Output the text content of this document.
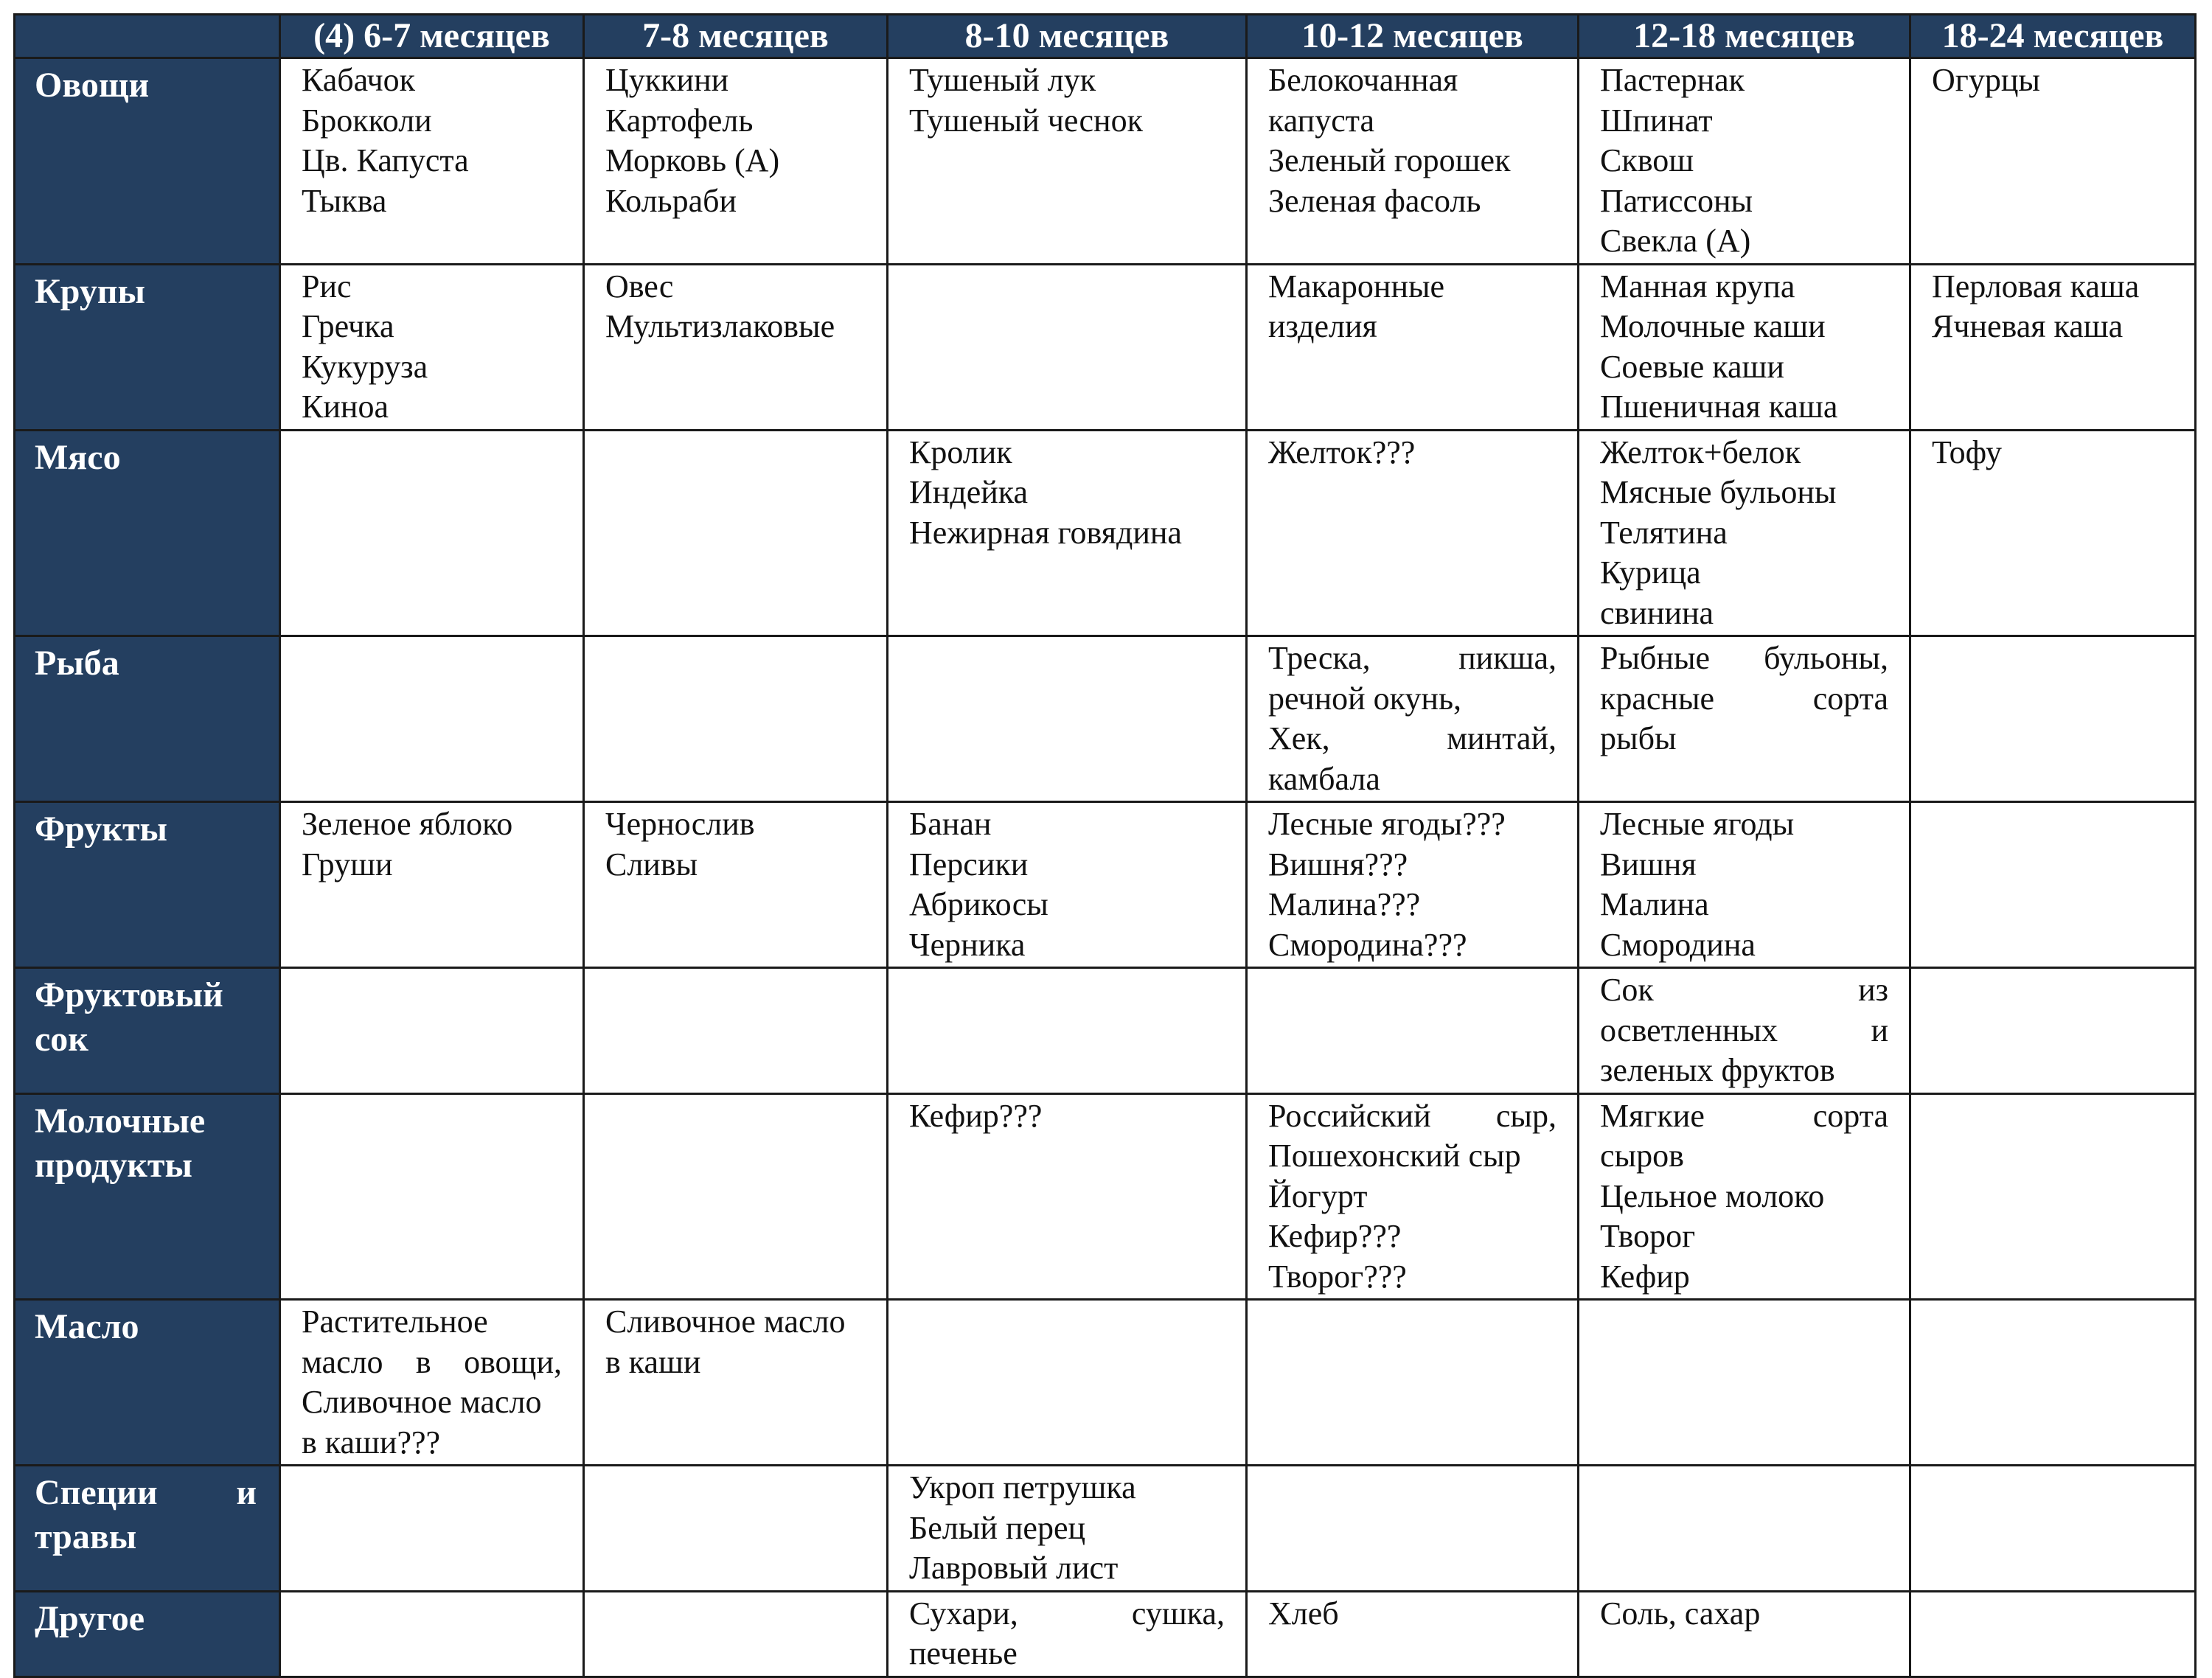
	(4) 6-7 месяцев	7-8 месяцев	8-10 месяцев	10-12 месяцев	12-18 месяцев	18-24 месяцев
Овощи	Кабачок
Брокколи
Цв. Капуста
Тыква	Цуккини
Картофель
Морковь (А)
Кольраби	Тушеный лук
Тушеный чеснок	Белокочанная
капуста
Зеленый горошек
Зеленая фасоль	Пастернак
Шпинат
Сквош
Патиссоны
Свекла (А)	Огурцы

Крупы	Рис
Гречка
Кукуруза
Киноа	Овес
Мультизлаковые		Макаронные
изделия	Манная крупа
Молочные каши
Соевые каши
Пшеничная каша	Перловая каша
Ячневая каша

Мясо			Кролик
Индейка
Нежирная говядина	Желток???	Желток+белок
Мясные бульоны
Телятина
Курица
свинина	Тофу

Рыба				Треска, пикша,
речной окунь,
Хек, минтай,
камбала	Рыбные бульоны,
красные сорта
рыбы	

Фрукты	Зеленое яблоко
Груши	Чернослив
Сливы	Банан
Персики
Абрикосы
Черника	Лесные ягоды???
Вишня???
Малина???
Смородина???	Лесные ягоды
Вишня
Малина
Смородина	

Фруктовый
сок					Сок из
осветленных и
зеленых фруктов	

Молочные
продукты			Кефир???	Российский сыр,
Пошехонский сыр
Йогурт
Кефир???
Творог???	Мягкие сорта
сыров
Цельное молоко
Творог
Кефир	

Масло	Растительное
масло в овощи,
Сливочное масло
в каши???	Сливочное масло
в каши				

Специи и
травы			Укроп петрушка
Белый перец
Лавровый лист			

Другое			Сухари, сушка,
печенье	Хлеб	Соль, сахар	
